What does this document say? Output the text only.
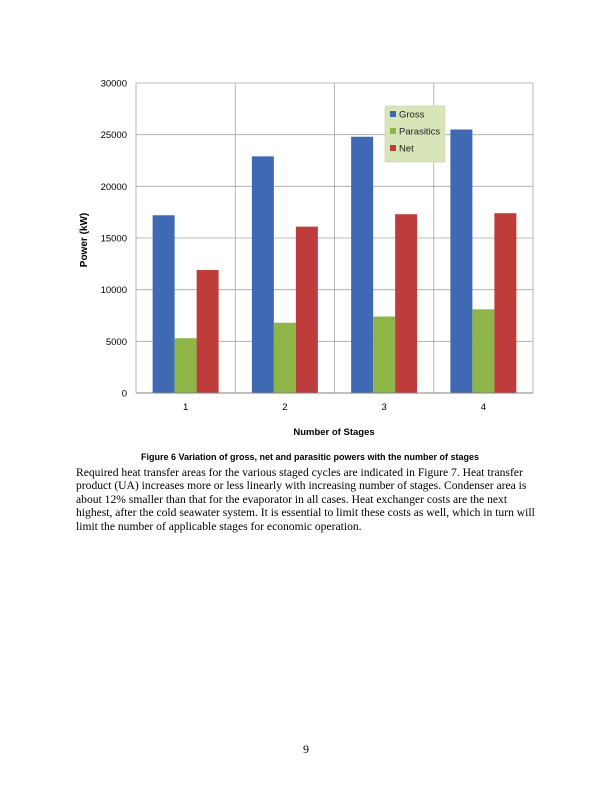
0
5000
10000
15000
20000
25000
30000
1	2	3	4
Power (kW)
Number of Stages
Gross
Parasitics
Net
Figure 6 Variation of gross, net and parasitic powers with the number of stages

Required heat transfer areas for the various staged cycles are indicated in Figure 7. Heat transfer product (UA) increases more or less linearly with increasing number of stages. Condenser area is about 12% smaller than that for the evaporator in all cases. Heat exchanger costs are the next highest, after the cold seawater system. It is essential to limit these costs as well, which in turn will limit the number of applicable stages for economic operation.

9
